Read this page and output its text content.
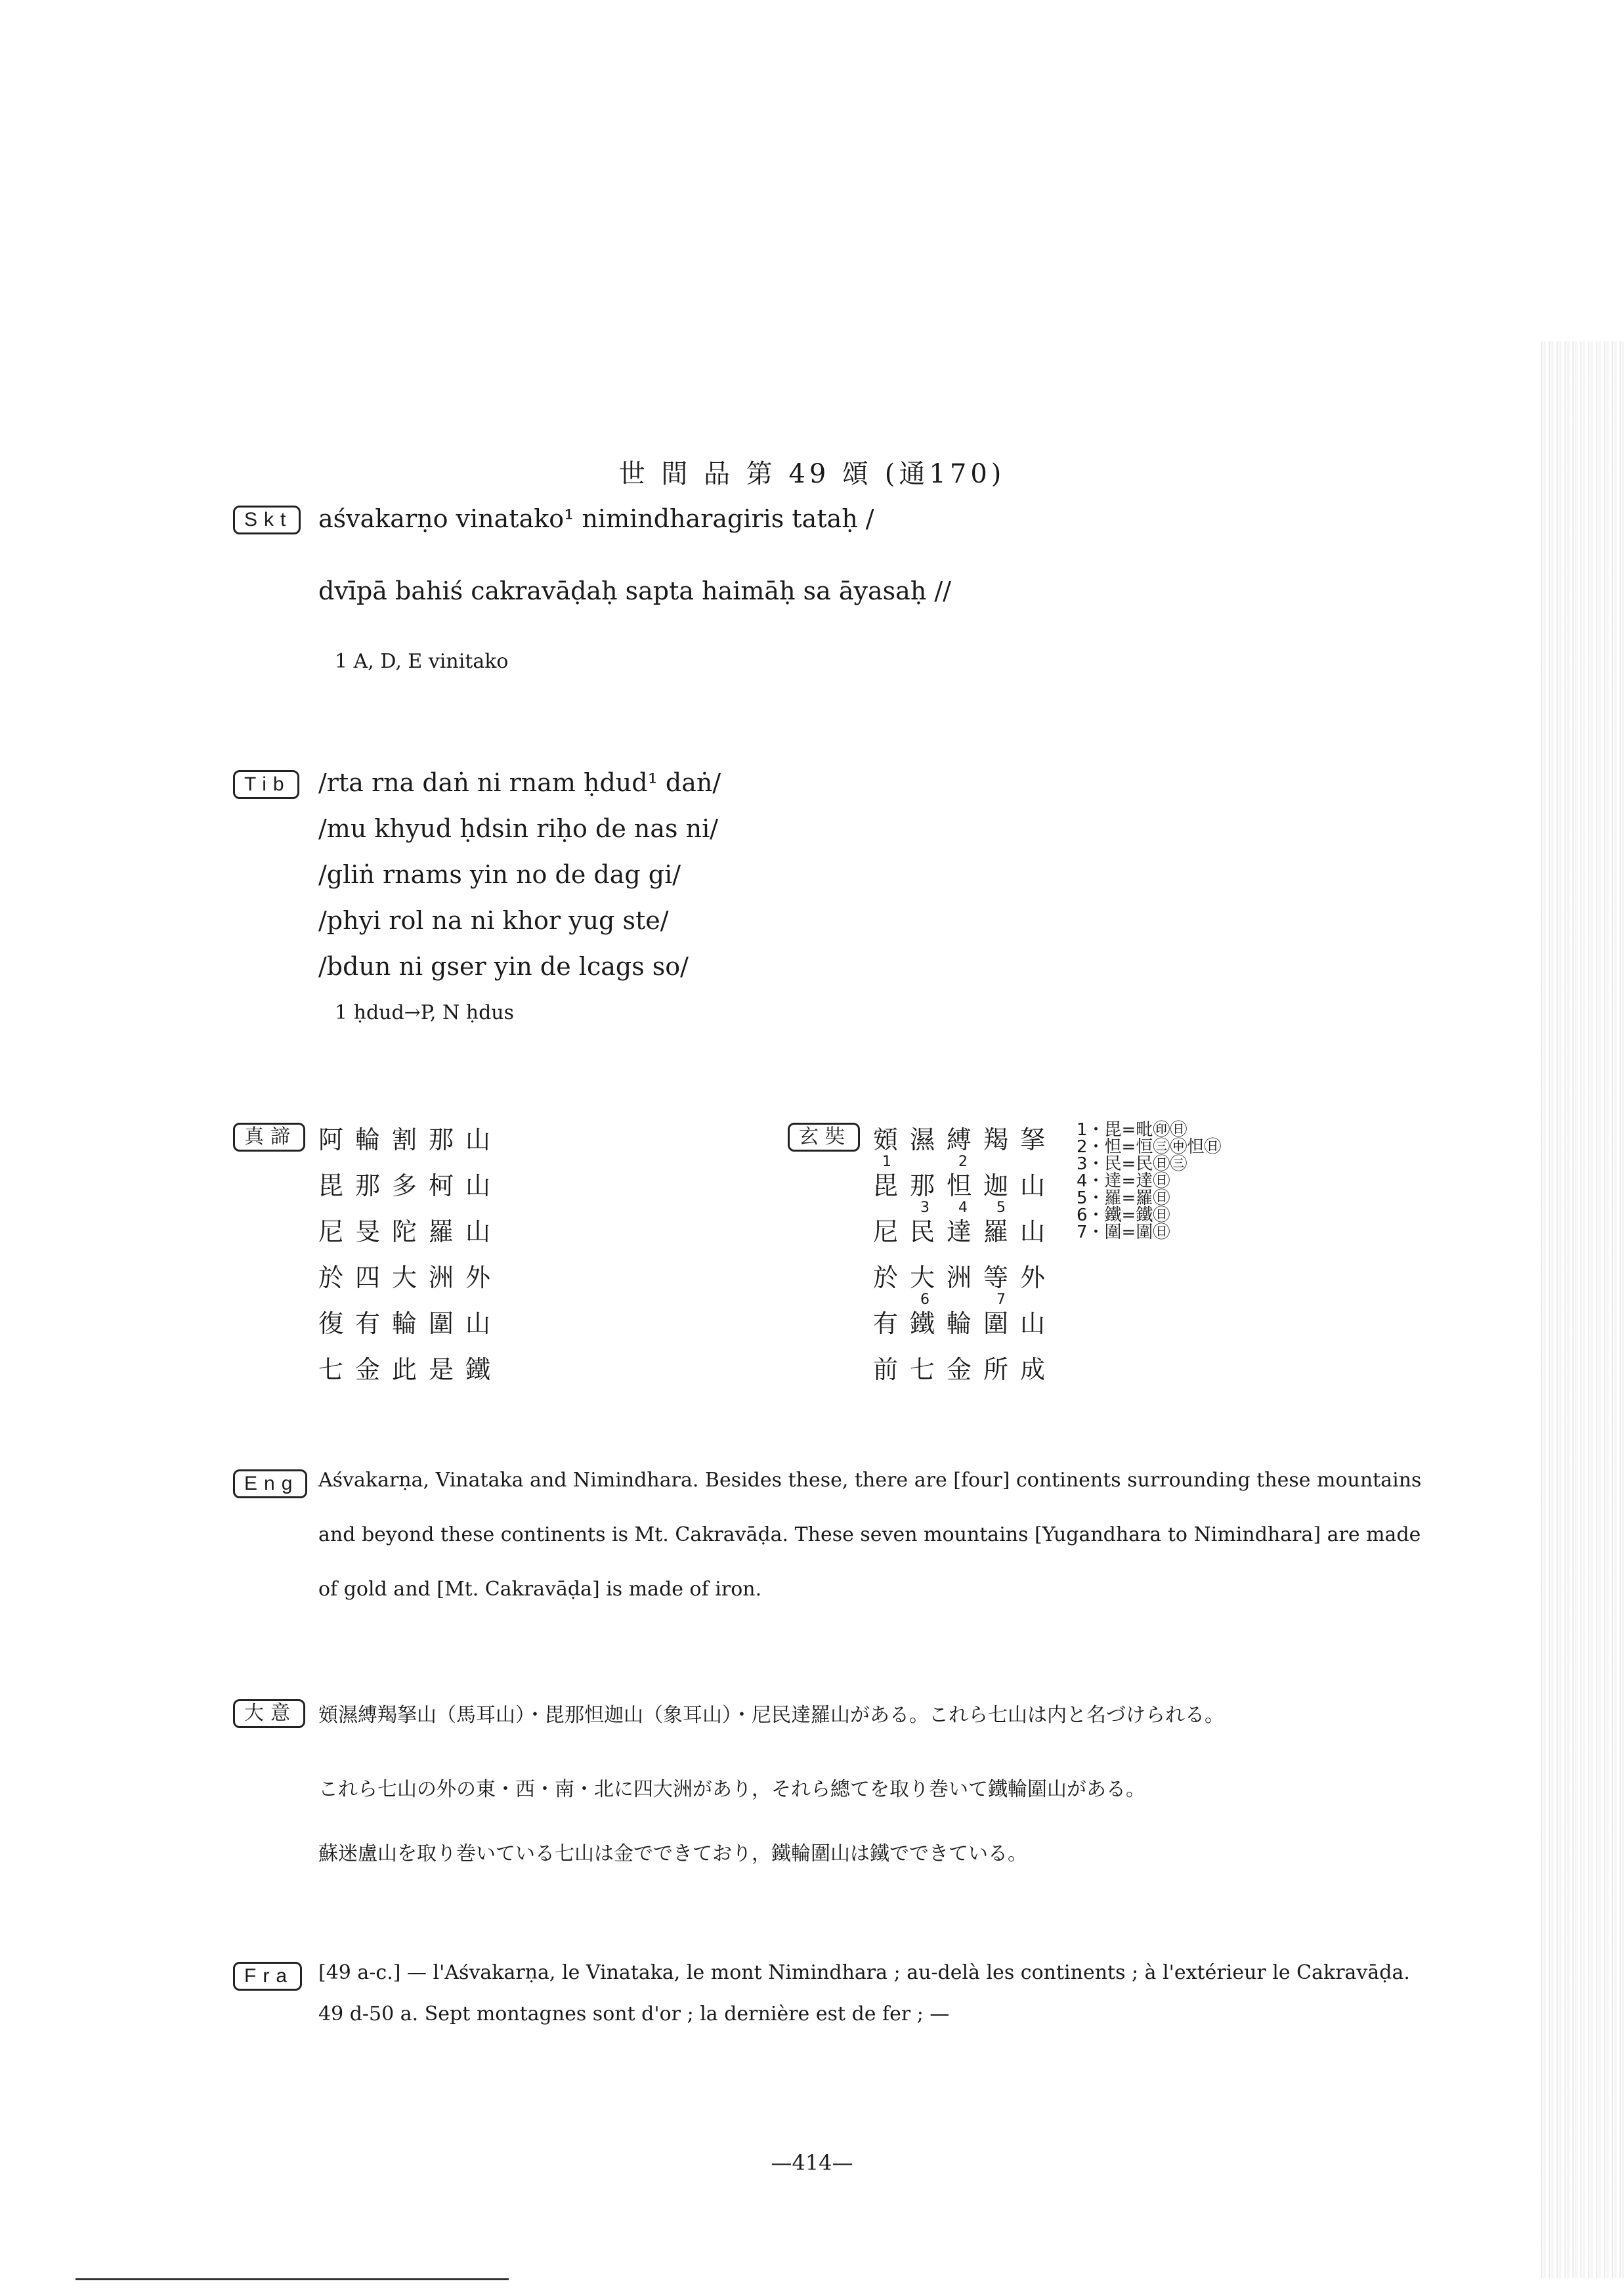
世 間 品 第 49 頌 (通170)
Skt	aśvakarṇo vinatako¹ nimindharagiris tataḥ /
dvīpā bahiś cakravāḍaḥ sapta haimāḥ sa āyasaḥ //
1 A, D, E vinitako
Tib	/rta rna daṅ ni rnam ḥdud¹ daṅ/
/mu khyud ḥdsin riḥo de nas ni/
/gliṅ rnams yin no de dag gi/
/phyi rol na ni khor yug ste/
/bdun ni gser yin de lcags so/
1 ḥdud→P, N ḥdus
真諦 阿輪割那山
毘那多柯山
尼旻陀羅山
於四大洲外
復有輪圍山
七金此是鐵
玄奘 頞濕縛羯拏
毘那怛迦山
尼民達羅山
於大洲等外
有鐵輪圍山
前七金所成
1	2
3 4 5
6	7
1・毘=毗㊞㊐
2・怛=恒㊂㊥怛㊐
3・民=民㊐㊂
4・達=達㊐
5・羅=羅㊐
6・鐵=鐵㊐
7・圍=圍㊐
Eng Aśvakarṇa, Vinataka and Nimindhara. Besides these, there are [four] continents surrounding these mountains
and beyond these continents is Mt. Cakravāḍa. These seven mountains [Yugandhara to Nimindhara] are made
of gold and [Mt. Cakravāḍa] is made of iron.
大意	頞濕縛羯拏山（馬耳山）・毘那怛迦山（象耳山）・尼民達羅山がある。これら七山は内と名づけられる。
これら七山の外の東・西・南・北に四大洲があり，それら總てを取り巻いて鐵輪圍山がある。
蘇迷盧山を取り巻いている七山は金でできており，鐵輪圍山は鐵でできている。
Fra	[49 a-c.] — l'Aśvakarṇa, le Vinataka, le mont Nimindhara ; au-delà les continents ; à l'extérieur le Cakravāḍa.
49 d-50 a. Sept montagnes sont d'or ; la dernière est de fer ; —
—414—
